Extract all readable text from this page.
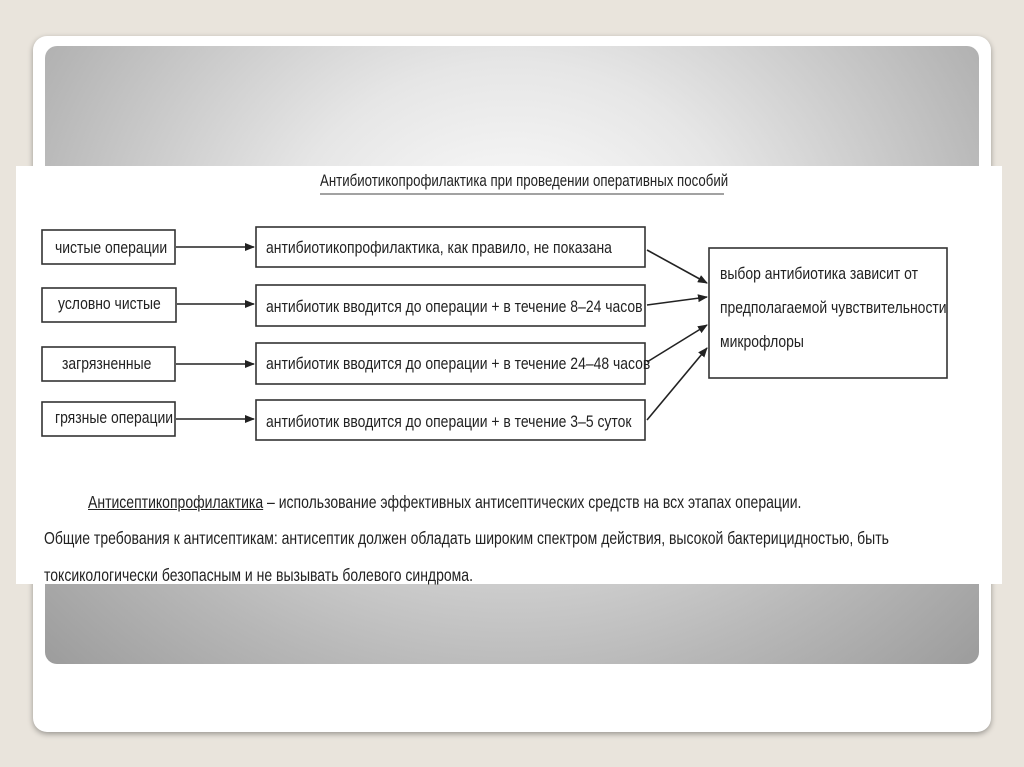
Антибиотикопрофилактика при проведении оперативных пособий
чистые операции
условно чистые
загрязненные
грязные операции
антибиотикопрофилактика, как правило, не показана
антибиотик вводится до операции + в течение 8–24 часов
антибиотик вводится до операции + в течение 24–48 часов
антибиотик вводится до операции + в течение 3–5 суток
выбор антибиотика зависит от
предполагаемой чувствительности
микрофлоры
Антисептикопрофилактика – использование эффективных антисептических средств на всх этапах операции.
Общие требования к антисептикам: антисептик должен обладать широким спектром действия, высокой бактерицидностью, быть
токсикологически безопасным и не вызывать болевого синдрома.
